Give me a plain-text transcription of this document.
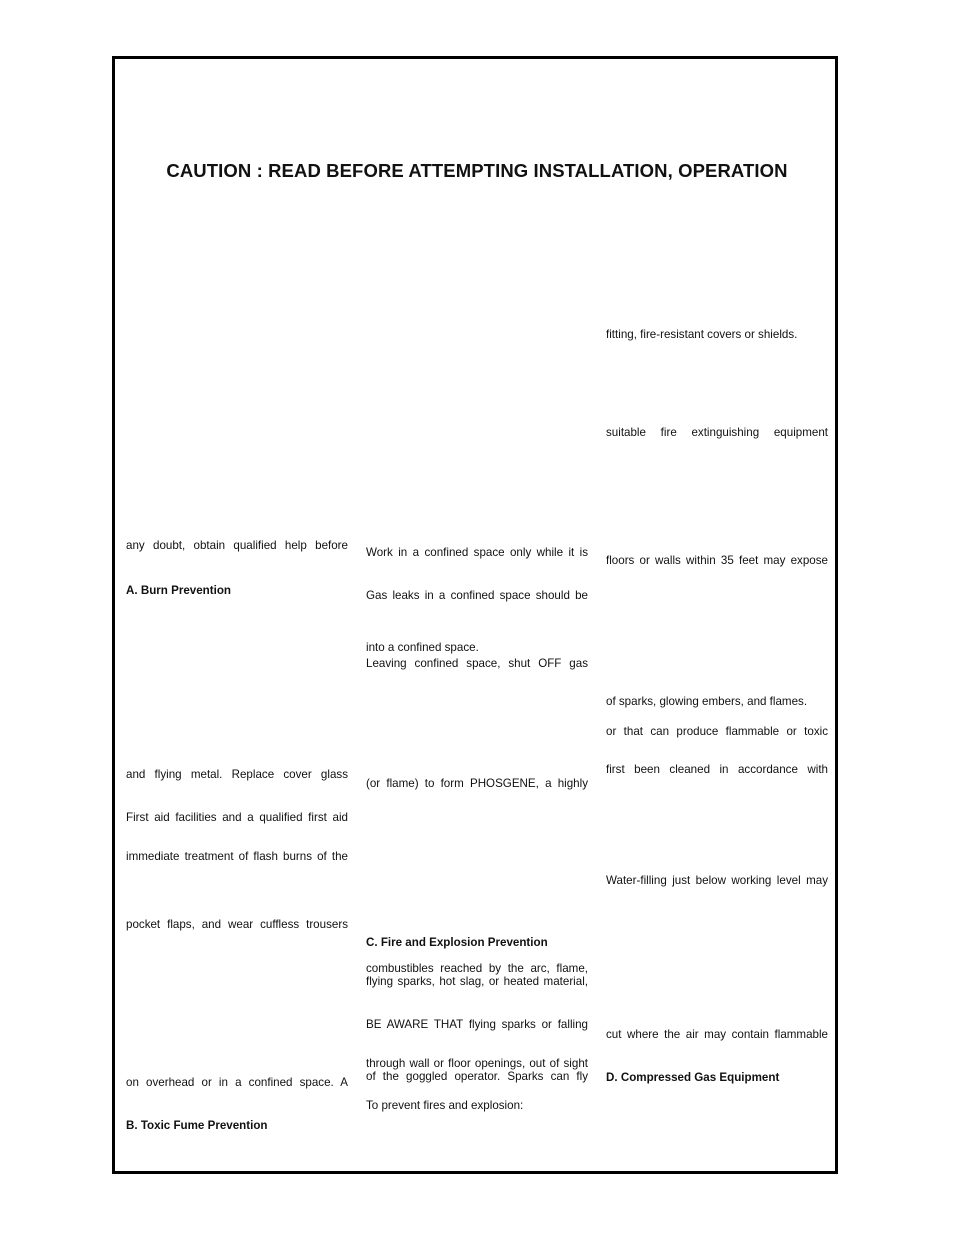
CAUTION : READ BEFORE ATTEMPTING INSTALLATION, OPERATION
any doubt, obtain qualified help before
A. Burn Prevention
and flying metal. Replace cover glass
First aid facilities and a qualified first aid
immediate treatment of flash burns of the
pocket flaps, and wear cuffless trousers
on overhead or in a confined space. A
B. Toxic Fume Prevention
Work in a confined space only while it is
Gas leaks in a confined space should be
into a confined space.
Leaving confined space, shut OFF gas
(or flame) to form PHOSGENE, a highly
C. Fire and Explosion Prevention
combustibles reached by the arc, flame,
flying sparks, hot slag, or heated material,
BE AWARE THAT flying sparks or falling
through wall or floor openings, out of sight
of the goggled operator. Sparks can fly
To prevent fires and explosion:
fitting, fire-resistant covers or shields.
suitable fire extinguishing equipment
floors or walls within 35 feet may expose
of sparks, glowing embers, and flames.
or that can produce flammable or toxic
first been cleaned in accordance with
Water-filling just below working level may
cut where the air may contain flammable
D. Compressed Gas Equipment
